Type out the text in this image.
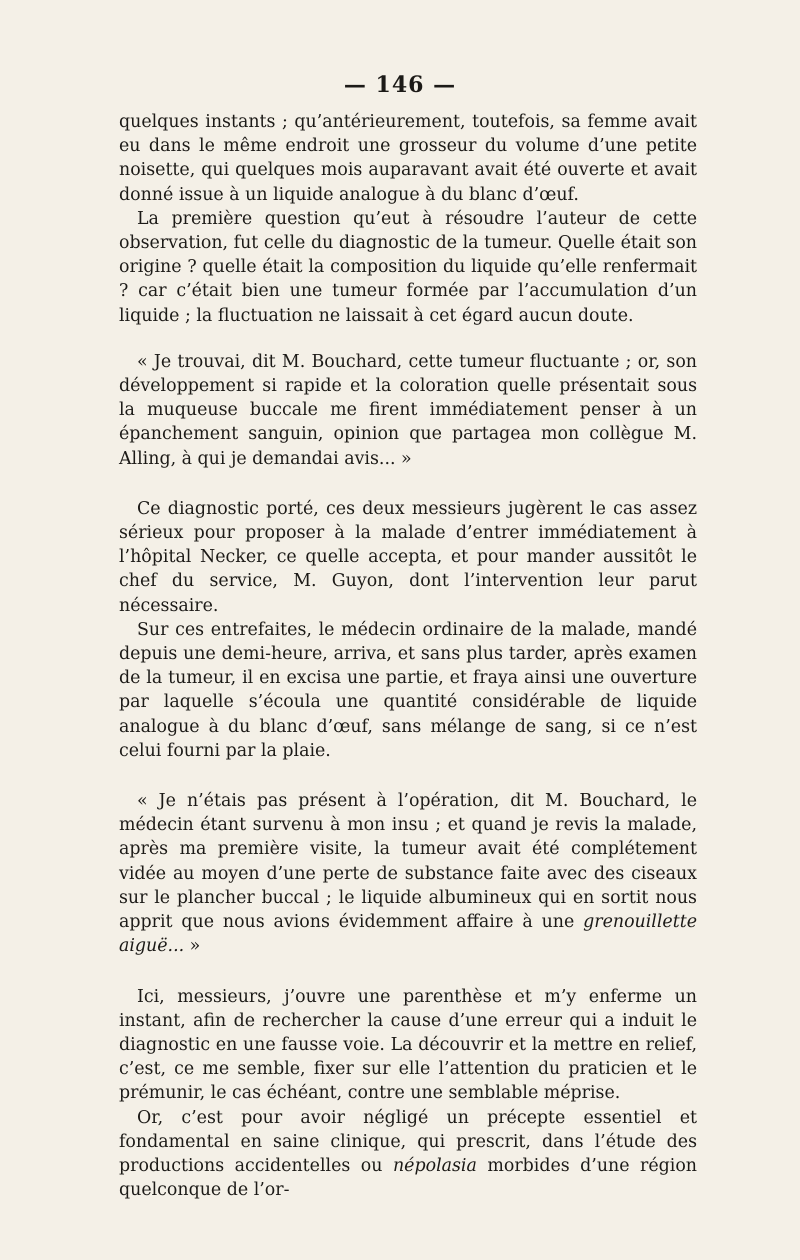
— 146 —

quelques instants ; qu’antérieurement, toutefois, sa femme avait eu dans le même endroit une grosseur du volume d’une petite noisette, qui quelques mois auparavant avait été ouverte et avait donné issue à un liquide analogue à du blanc d’œuf.

La première question qu’eut à résoudre l’auteur de cette observation, fut celle du diagnostic de la tumeur. Quelle était son origine ? quelle était la composition du liquide qu’elle renfermait ? car c’était bien une tumeur formée par l’accumulation d’un liquide ; la fluctuation ne laissait à cet égard aucun doute.

« Je trouvai, dit M. Bouchard, cette tumeur fluctuante ; or, son développement si rapide et la coloration quelle présentait sous la muqueuse buccale me firent immédiatement penser à un épanchement sanguin, opinion que partagea mon collègue M. Alling, à qui je demandai avis... »

Ce diagnostic porté, ces deux messieurs jugèrent le cas assez sérieux pour proposer à la malade d’entrer immédiatement à l’hôpital Necker, ce quelle accepta, et pour mander aussitôt le chef du service, M. Guyon, dont l’intervention leur parut nécessaire.

Sur ces entrefaites, le médecin ordinaire de la malade, mandé depuis une demi-heure, arriva, et sans plus tarder, après examen de la tumeur, il en excisa une partie, et fraya ainsi une ouverture par laquelle s’écoula une quantité considérable de liquide analogue à du blanc d’œuf, sans mélange de sang, si ce n’est celui fourni par la plaie.

« Je n’étais pas présent à l’opération, dit M. Bouchard, le médecin étant survenu à mon insu ; et quand je revis la malade, après ma première visite, la tumeur avait été complétement vidée au moyen d’une perte de substance faite avec des ciseaux sur le plancher buccal ; le liquide albumineux qui en sortit nous apprit que nous avions évidemment affaire à une grenouillette aiguë... »

Ici, messieurs, j’ouvre une parenthèse et m’y enferme un instant, afin de rechercher la cause d’une erreur qui a induit le diagnostic en une fausse voie. La découvrir et la mettre en relief, c’est, ce me semble, fixer sur elle l’attention du praticien et le prémunir, le cas échéant, contre une semblable méprise.

Or, c’est pour avoir négligé un précepte essentiel et fondamental en saine clinique, qui prescrit, dans l’étude des productions accidentelles ou népolasia morbides d’une région quelconque de l’or-
